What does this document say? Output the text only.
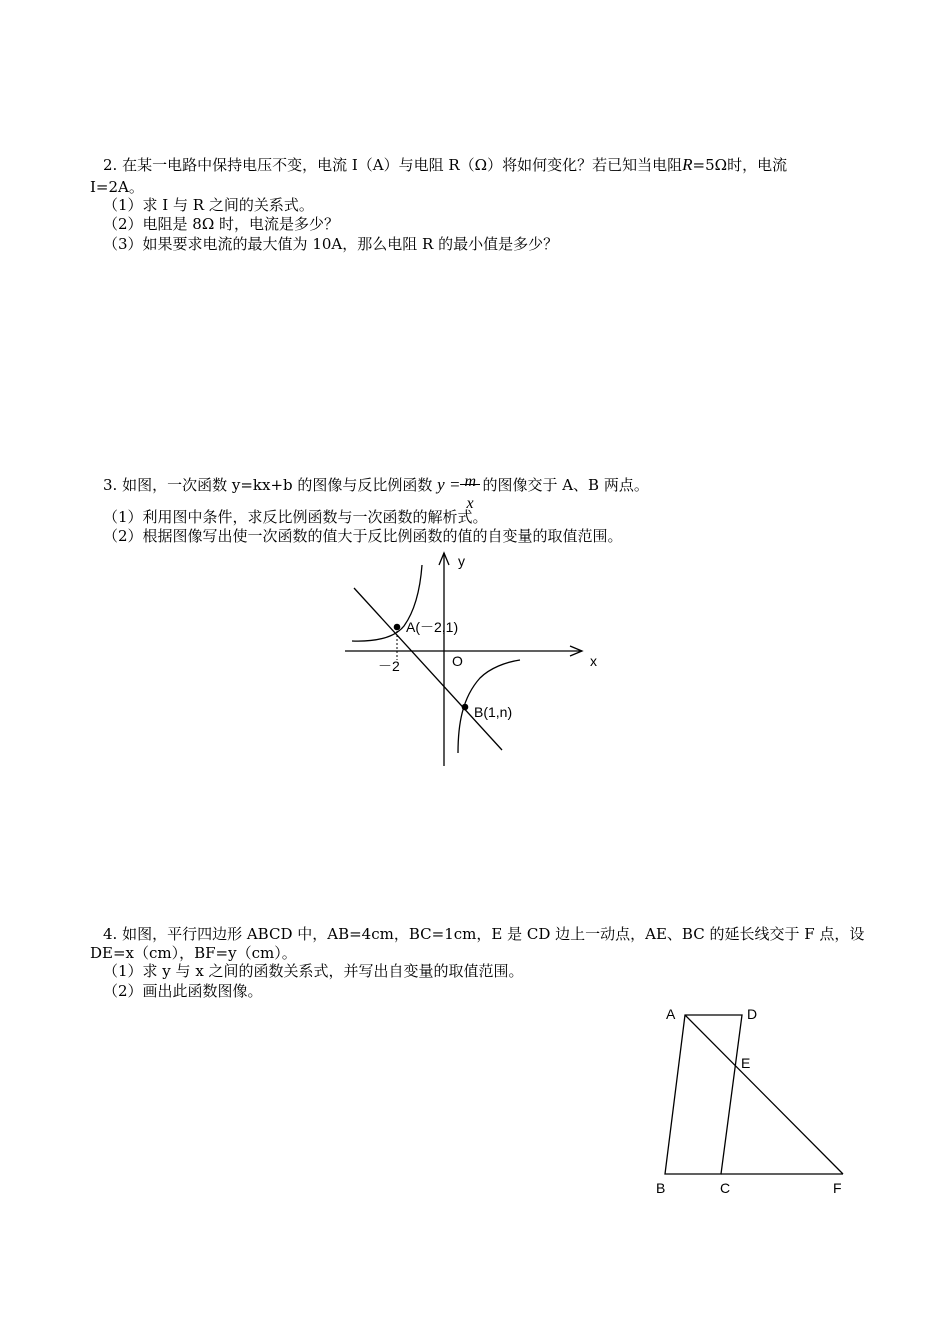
2. 在某一电路中保持电压不变，电流 I（A）与电阻 R（Ω）将如何变化？若已知当电阻R=5Ω时，电流
I=2A。
（1）求 I 与 R 之间的关系式。
（2）电阻是 8Ω 时，电流是多少？
（3）如果要求电流的最大值为 10A，那么电阻 R 的最小值是多少？
3. 如图，一次函数 y=kx+b 的图像与反比例函数 y = m
x
的图像交于 A、B 两点。
（1）利用图中条件，求反比例函数与一次函数的解析式。
（2）根据图像写出使一次函数的值大于反比例函数的值的自变量的取值范围。
y
x
O
A(－2,1)
B(1,n)
－2
4. 如图，平行四边形 ABCD 中，AB=4cm，BC=1cm，E 是 CD 边上一动点，AE、BC 的延长线交于 F 点，设
DE=x（cm），BF=y（cm）。
（1）求 y 与 x 之间的函数关系式，并写出自变量的取值范围。
（2）画出此函数图像。
A	D
E
B	C	F
